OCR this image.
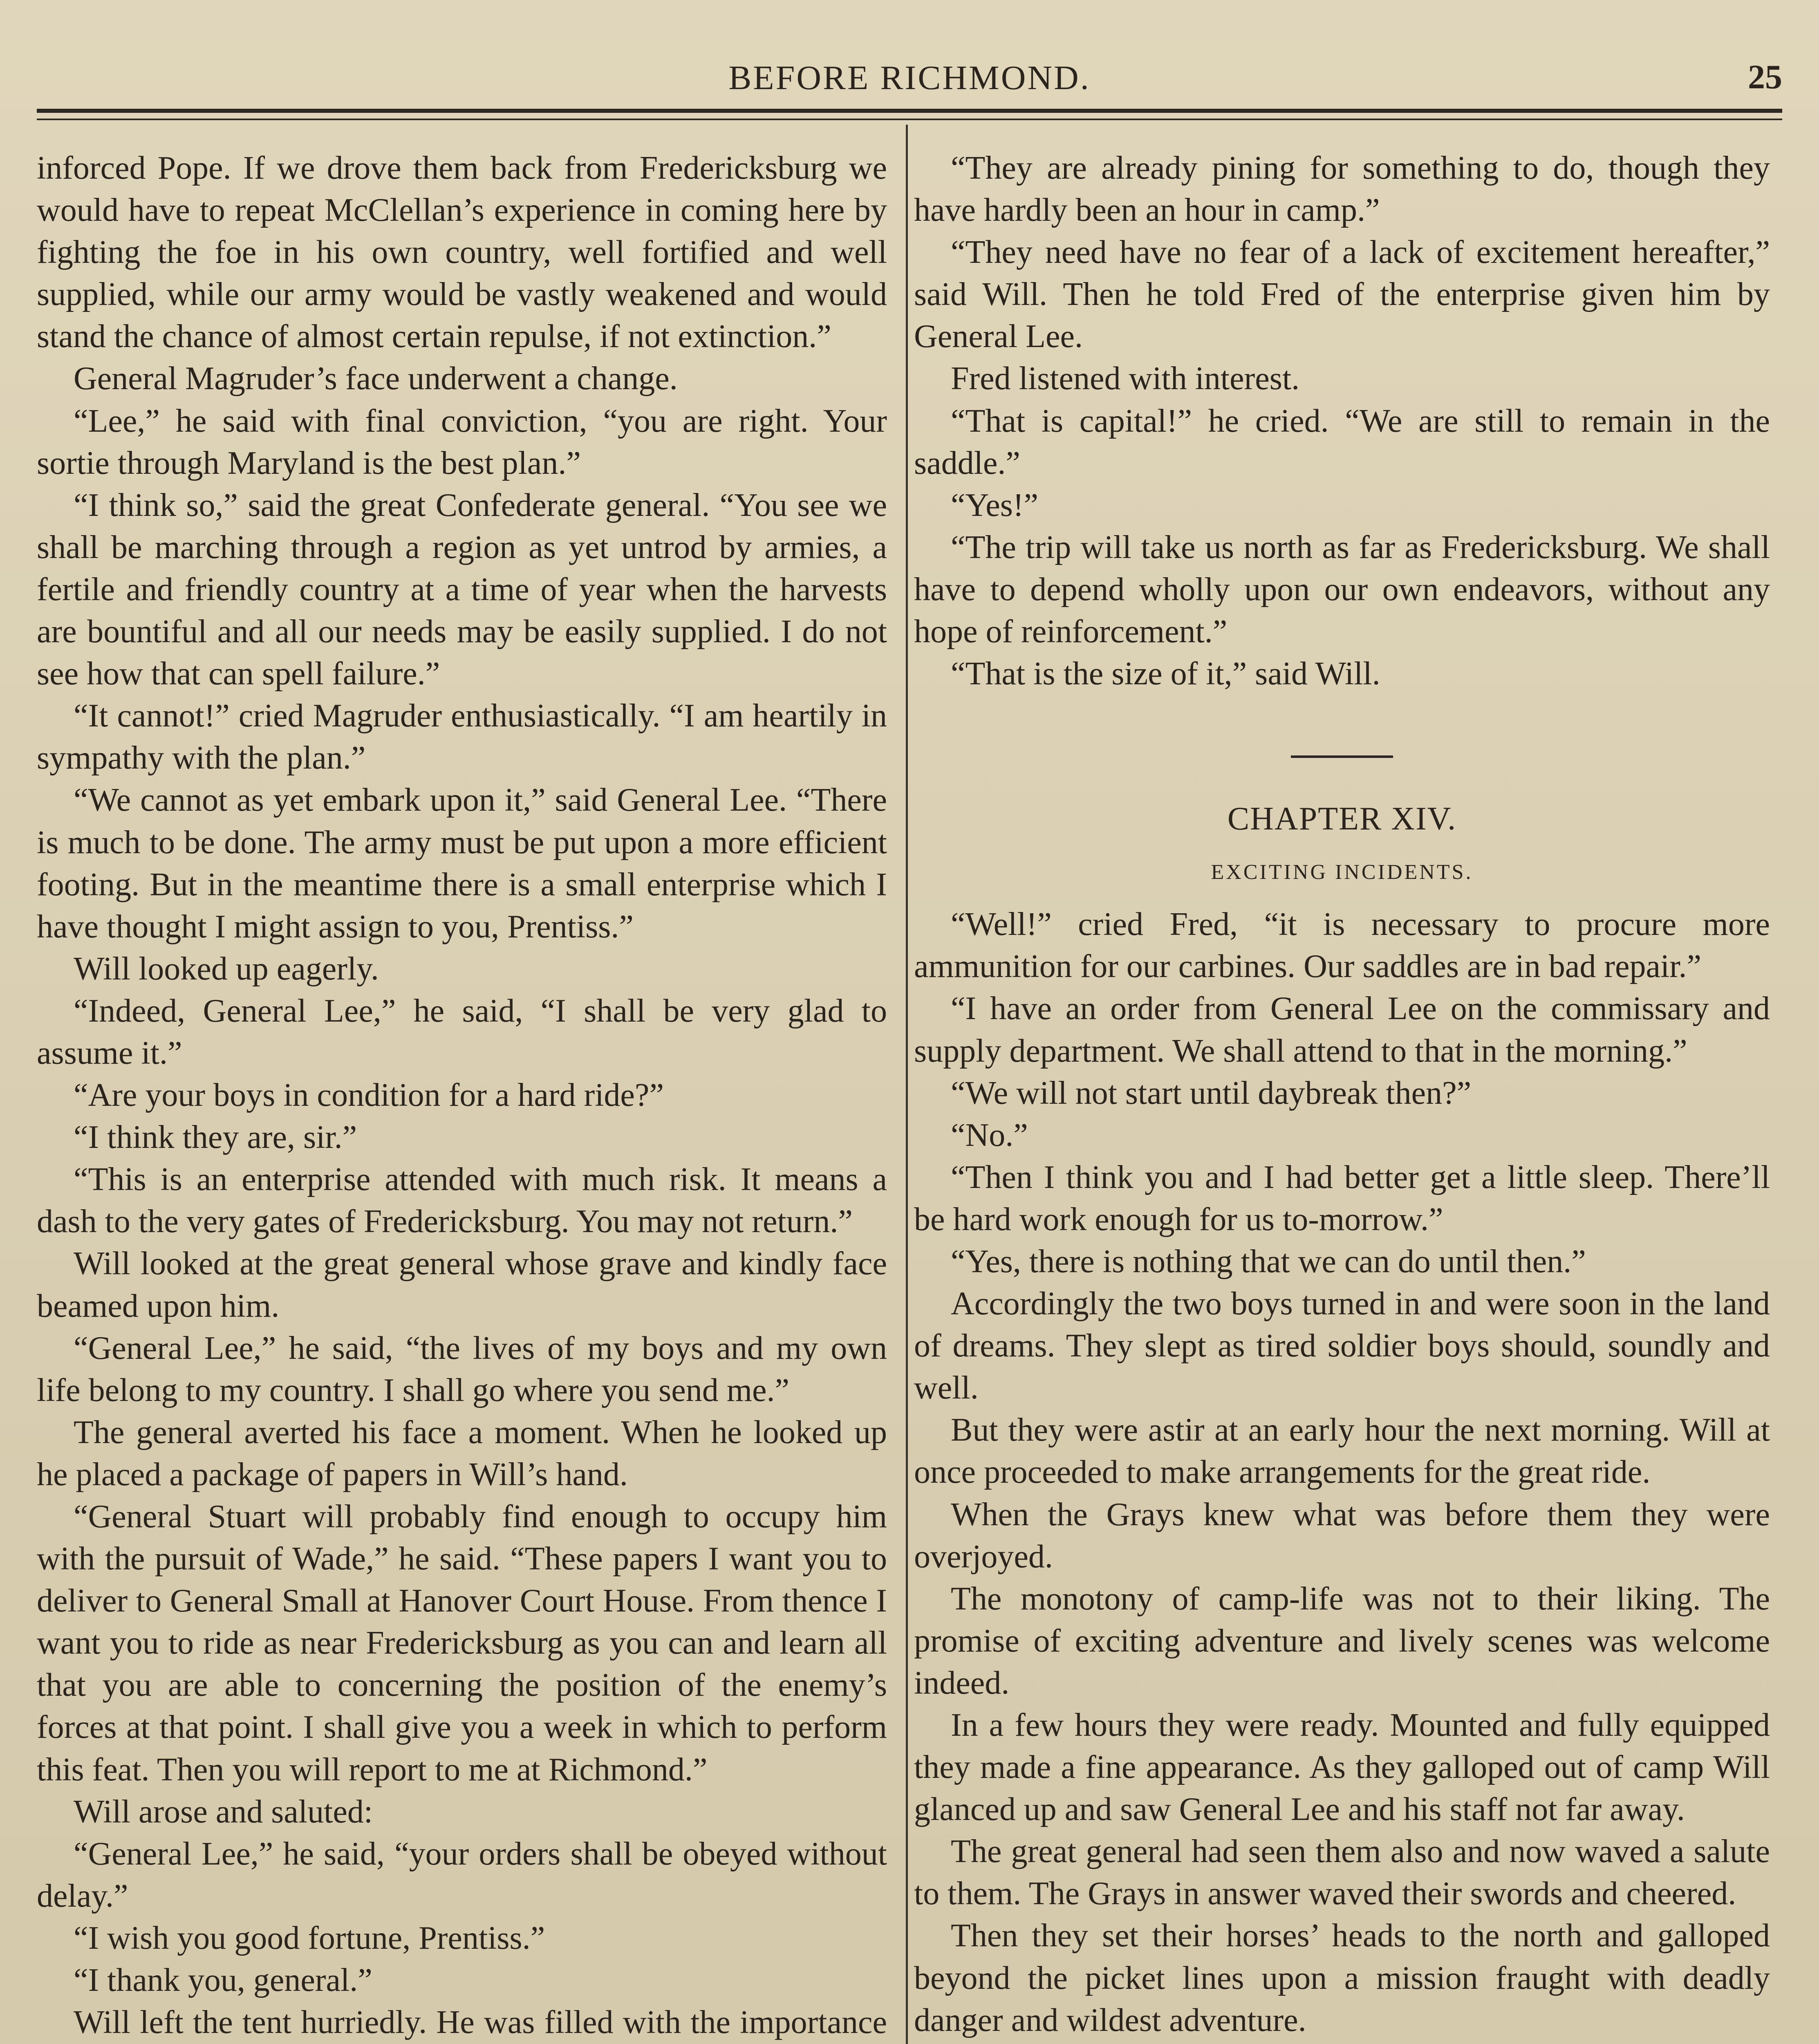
BEFORE RICHMOND.	25

inforced Pope. If we drove them back from Fredericksburg we would have to repeat McClellan’s experience in coming here by fighting the foe in his own country, well fortified and well supplied, while our army would be vastly weakened and would stand the chance of almost certain repulse, if not extinction.”

General Magruder’s face underwent a change.

“Lee,” he said with final conviction, “you are right. Your sortie through Maryland is the best plan.”

“I think so,” said the great Confederate general. “You see we shall be marching through a region as yet untrod by armies, a fertile and friendly country at a time of year when the harvests are bountiful and all our needs may be easily supplied. I do not see how that can spell failure.”

“It cannot!” cried Magruder enthusiastically. “I am heartily in sympathy with the plan.”

“We cannot as yet embark upon it,” said General Lee. “There is much to be done. The army must be put upon a more efficient footing. But in the meantime there is a small enterprise which I have thought I might assign to you, Prentiss.”

Will looked up eagerly.

“Indeed, General Lee,” he said, “I shall be very glad to assume it.”

“Are your boys in condition for a hard ride?”

“I think they are, sir.”

“This is an enterprise attended with much risk. It means a dash to the very gates of Fredericksburg. You may not return.”

Will looked at the great general whose grave and kindly face beamed upon him.

“General Lee,” he said, “the lives of my boys and my own life belong to my country. I shall go where you send me.”

The general averted his face a moment. When he looked up he placed a package of papers in Will’s hand.

“General Stuart will probably find enough to occupy him with the pursuit of Wade,” he said. “These papers I want you to deliver to General Small at Hanover Court House. From thence I want you to ride as near Fredericksburg as you can and learn all that you are able to concerning the position of the enemy’s forces at that point. I shall give you a week in which to perform this feat. Then you will report to me at Richmond.”

Will arose and saluted:

“General Lee,” he said, “your orders shall be obeyed without delay.”

“I wish you good fortune, Prentiss.”

“I thank you, general.”

Will left the tent hurriedly. He was filled with the importance

“They are already pining for something to do, though they have hardly been an hour in camp.”

“They need have no fear of a lack of excitement hereafter,” said Will. Then he told Fred of the enterprise given him by General Lee.

Fred listened with interest.

“That is capital!” he cried. “We are still to remain in the saddle.”

“Yes!”

“The trip will take us north as far as Fredericksburg. We shall have to depend wholly upon our own endeavors, without any hope of reinforcement.”

“That is the size of it,” said Will.

CHAPTER XIV.
EXCITING INCIDENTS.

“Well!” cried Fred, “it is necessary to procure more ammunition for our carbines. Our saddles are in bad repair.”

“I have an order from General Lee on the commissary and supply department. We shall attend to that in the morning.”

“We will not start until daybreak then?”

“No.”

“Then I think you and I had better get a little sleep. There’ll be hard work enough for us to-morrow.”

“Yes, there is nothing that we can do until then.”

Accordingly the two boys turned in and were soon in the land of dreams. They slept as tired soldier boys should, soundly and well.

But they were astir at an early hour the next morning. Will at once proceeded to make arrangements for the great ride.

When the Grays knew what was before them they were overjoyed.

The monotony of camp-life was not to their liking. The promise of exciting adventure and lively scenes was welcome indeed.

In a few hours they were ready. Mounted and fully equipped they made a fine appearance. As they galloped out of camp Will glanced up and saw General Lee and his staff not far away.

The great general had seen them also and now waved a salute to them. The Grays in answer waved their swords and cheered.

Then they set their horses’ heads to the north and galloped beyond the picket lines upon a mission fraught with deadly danger and wildest adventure.
